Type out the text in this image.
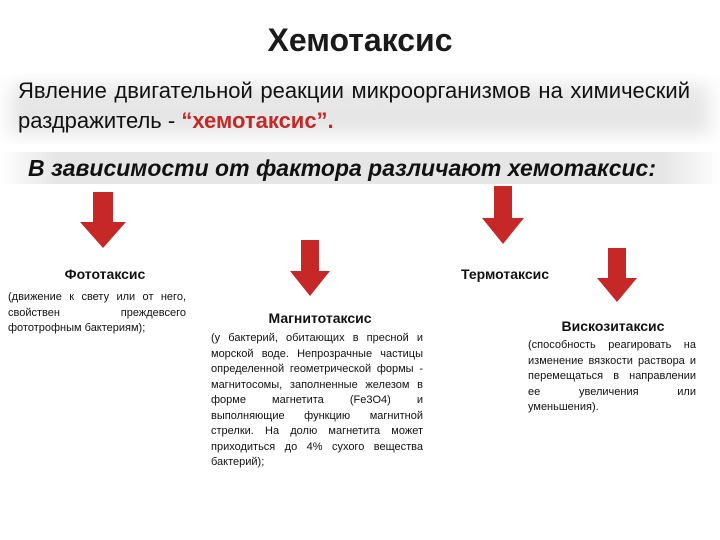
Хемотаксис
Явление двигательной реакции микроорганизмов на химический раздражитель - “хемотаксис”.
В зависимости от фактора различают хемотаксис:
Фототаксис
(движение к свету или от него, свойствен преждевсего фототрофным бактериям);
Магнитотаксис
(у бактерий, обитающих в пресной и морской воде. Непрозрачные частицы определенной геометрической формы - магнитосомы, заполненные железом в форме магнетита (Fe3O4) и выполняющие функцию магнитной стрелки. На долю магнетита может приходиться до 4% сухого вещества бактерий);
Термотаксис
Вискозитаксис
(способность реагировать на изменение вязкости раствора и перемещаться в направлении ее увеличения или уменьшения).
